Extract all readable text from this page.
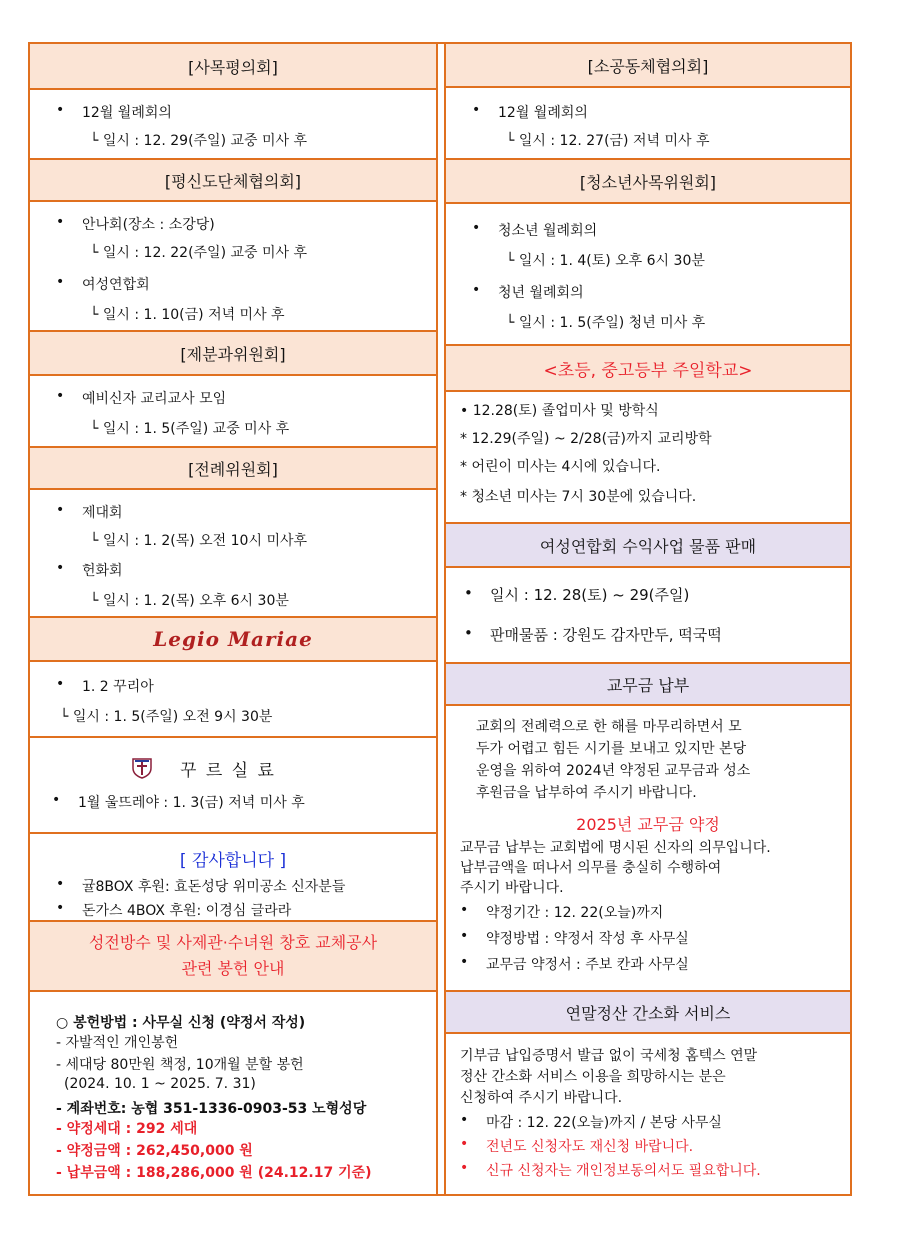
[사목평의회]
• 12월 월례회의
└ 일시 : 12. 29(주일) 교중 미사 후
[평신도단체협의회]
• 안나회(장소 : 소강당)
└ 일시 : 12. 22(주일) 교중 미사 후
• 여성연합회
└ 일시 : 1. 10(금) 저녁 미사 후
[제분과위원회]
• 예비신자 교리교사 모임
└ 일시 : 1. 5(주일) 교중 미사 후
[전례위원회]
• 제대회
└ 일시 : 1. 2(목) 오전 10시 미사후
• 헌화회
└ 일시 : 1. 2(목) 오후 6시 30분
Legio Mariae
• 1. 2 꾸리아
└ 일시 : 1. 5(주일) 오전 9시 30분
꾸 르 실 료
• 1월 울뜨레야 : 1. 3(금) 저녁 미사 후
[ 감사합니다 ]
• 귤8BOX 후원: 효돈성당 위미공소 신자분들
• 돈가스 4BOX 후원: 이경심 글라라
성전방수 및 사제관·수녀원 창호 교체공사
관련 봉헌 안내
○ 봉헌방법 : 사무실 신청 (약정서 작성)
- 자발적인 개인봉헌
- 세대당 80만원 책정, 10개월 분할 봉헌
(2024. 10. 1 ~ 2025. 7. 31)
- 계좌번호: 농협 351-1336-0903-53 노형성당
- 약정세대 : 292 세대
- 약정금액 : 262,450,000 원
- 납부금액 : 188,286,000 원 (24.12.17 기준)
[소공동체협의회]
• 12월 월례회의
└ 일시 : 12. 27(금) 저녁 미사 후
[청소년사목위원회]
• 청소년 월례회의
└ 일시 : 1. 4(토) 오후 6시 30분
• 청년 월례회의
└ 일시 : 1. 5(주일) 청년 미사 후
<초등, 중고등부 주일학교>
• 12.28(토) 졸업미사 및 방학식
* 12.29(주일) ~ 2/28(금)까지 교리방학
* 어린이 미사는 4시에 있습니다.
* 청소년 미사는 7시 30분에 있습니다.
여성연합회 수익사업 물품 판매
• 일시 : 12. 28(토) ~ 29(주일)
• 판매물품 : 강원도 감자만두, 떡국떡
교무금 납부
교회의 전례력으로 한 해를 마무리하면서 모
두가 어렵고 힘든 시기를 보내고 있지만 본당
운영을 위하여 2024년 약정된 교무금과 성소
후원금을 납부하여 주시기 바랍니다.
2025년 교무금 약정
교무금 납부는 교회법에 명시된 신자의 의무입니다.
납부금액을 떠나서 의무를 충실히 수행하여
주시기 바랍니다.
• 약정기간 : 12. 22(오늘)까지
• 약정방법 : 약정서 작성 후 사무실
• 교무금 약정서 : 주보 칸과 사무실
연말정산 간소화 서비스
기부금 납입증명서 발급 없이 국세청 홈텍스 연말
정산 간소화 서비스 이용을 희망하시는 분은
신청하여 주시기 바랍니다.
• 마감 : 12. 22(오늘)까지 / 본당 사무실
• 전년도 신청자도 재신청 바랍니다.
• 신규 신청자는 개인정보동의서도 필요합니다.
